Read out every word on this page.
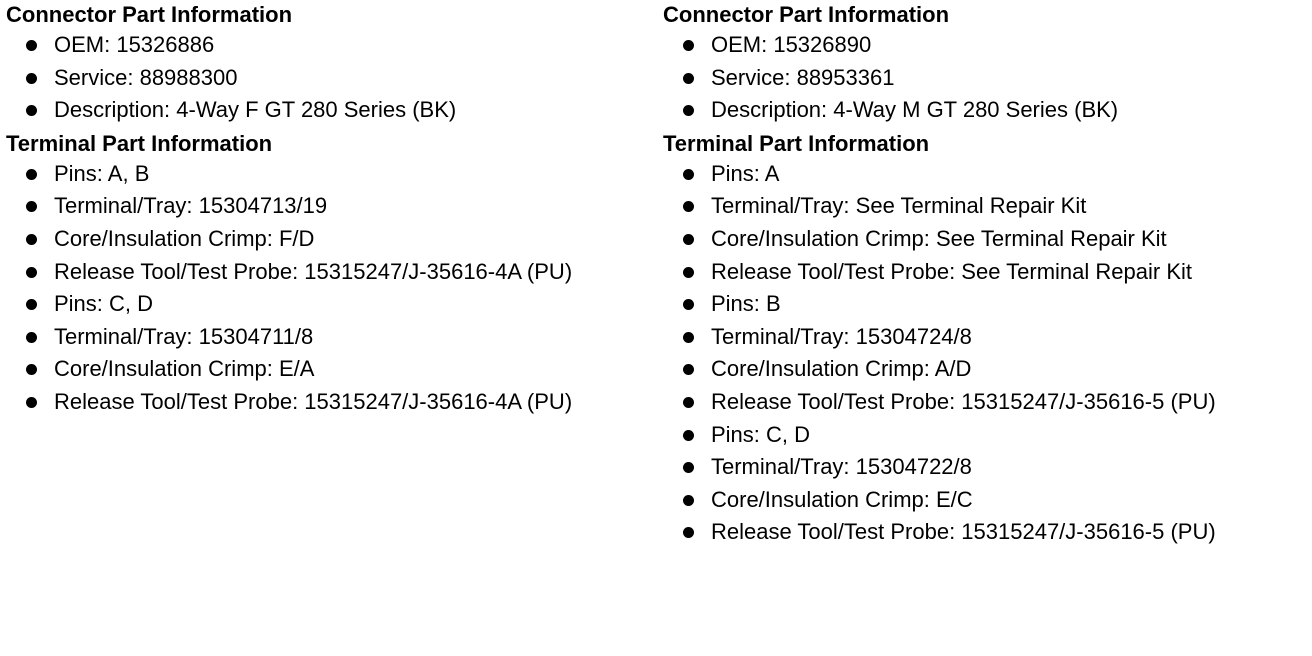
Connector Part Information
OEM: 15326886
Service: 88988300
Description: 4-Way F GT 280 Series (BK)
Terminal Part Information
Pins: A, B
Terminal/Tray: 15304713/19
Core/Insulation Crimp: F/D
Release Tool/Test Probe: 15315247/J-35616-4A (PU)
Pins: C, D
Terminal/Tray: 15304711/8
Core/Insulation Crimp: E/A
Release Tool/Test Probe: 15315247/J-35616-4A (PU)
Connector Part Information
OEM: 15326890
Service: 88953361
Description: 4-Way M GT 280 Series (BK)
Terminal Part Information
Pins: A
Terminal/Tray: See Terminal Repair Kit
Core/Insulation Crimp: See Terminal Repair Kit
Release Tool/Test Probe: See Terminal Repair Kit
Pins: B
Terminal/Tray: 15304724/8
Core/Insulation Crimp: A/D
Release Tool/Test Probe: 15315247/J-35616-5 (PU)
Pins: C, D
Terminal/Tray: 15304722/8
Core/Insulation Crimp: E/C
Release Tool/Test Probe: 15315247/J-35616-5 (PU)
